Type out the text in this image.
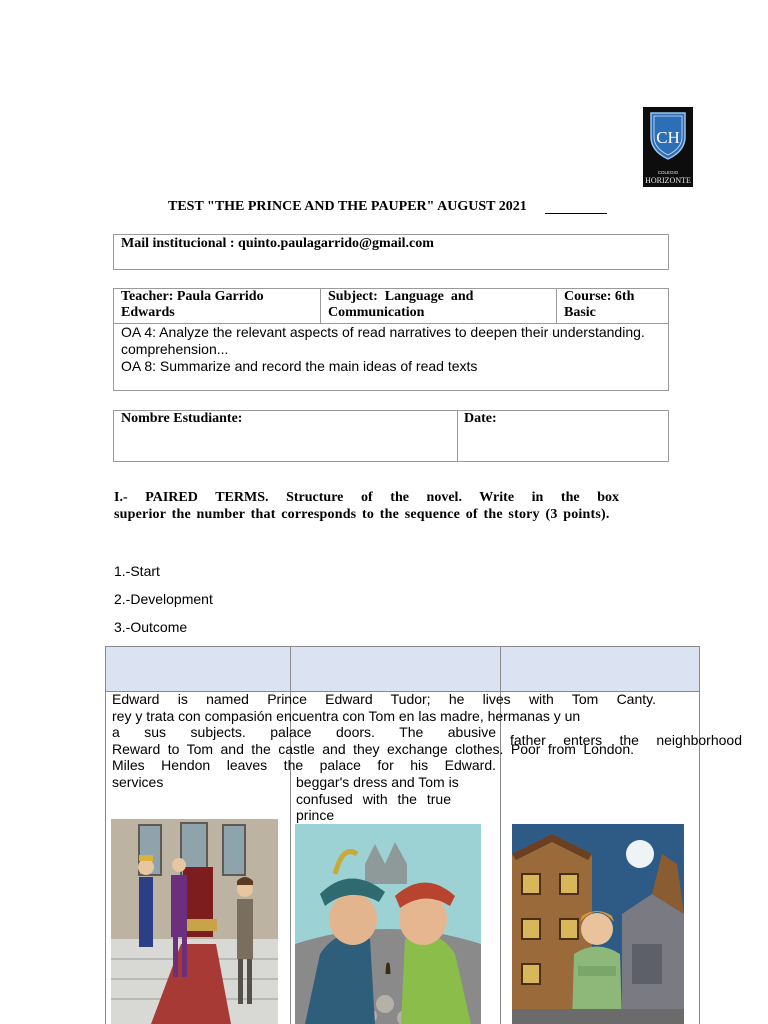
CH
COLEGIO
HORIZONTE
TEST "THE PRINCE AND THE PAUPER" AUGUST 2021
Mail institucional : quinto.paulagarrido@gmail.com
Teacher: Paula Garrido
Edwards
Subject:  Language  and
Communication
Course: 6th
Basic
OA 4: Analyze the relevant aspects of read narratives to deepen their understanding.
comprehension...
OA 8: Summarize and record the main ideas of read texts
Nombre Estudiante:	Date:
I.- PAIRED TERMS. Structure of the novel. Write in the box
superior the number that corresponds to the sequence of the story (3 points).
1.-Start
2.-Development
3.-Outcome
Edward is named Prince Edward Tudor; he lives with Tom Canty.
rey y trata con compasión encuentra con Tom en las madre, hermanas y un
a sus subjects. palace doors. The abusive
Reward to Tom and the castle and they exchange clothes. Poor from London.
Miles Hendon leaves the palace for his Edward.
services	beggar's dress and Tom is
confused with the true
prince
father enters the neighborhood
